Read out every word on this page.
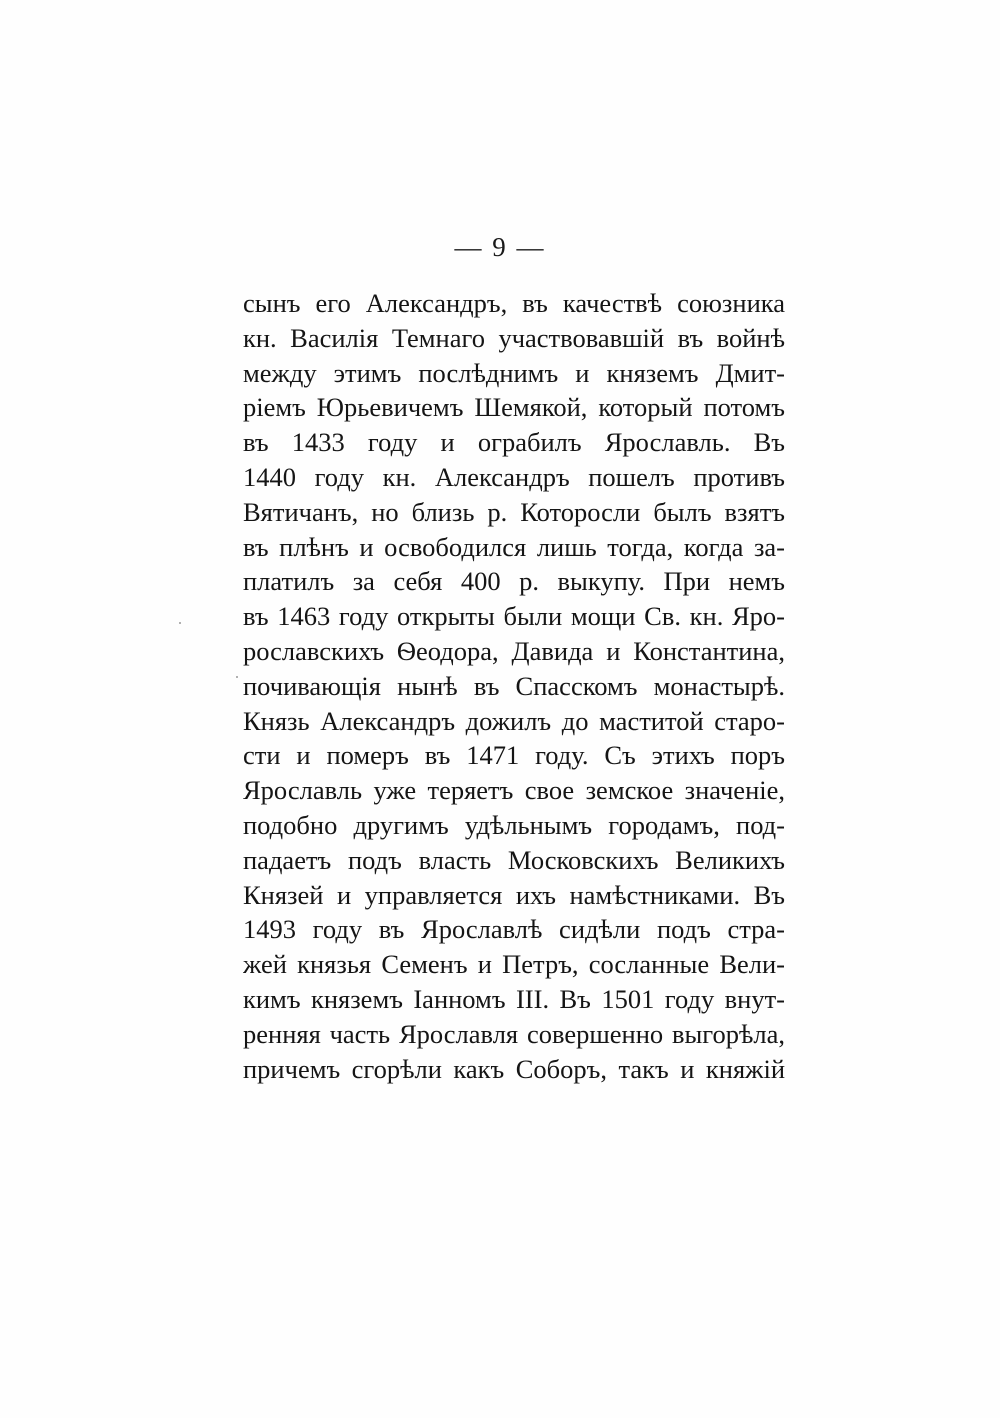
— 9 —
сынъ его Александръ, въ качествѣ союзника
кн. Василія Темнаго участвовавшій въ войнѣ
между этимъ послѣднимъ и княземъ Дмит-
ріемъ Юрьевичемъ Шемякой, который потомъ
въ 1433 году и ограбилъ Ярославль. Въ
1440 году кн. Александръ пошелъ противъ
Вятичанъ, но близь р. Которосли былъ взятъ
въ плѣнъ и освободился лишь тогда, когда за-
платилъ за себя 400 р. выкупу. При немъ
въ 1463 году открыты были мощи Св. кн. Яро-
рославскихъ Ѳеодора, Давида и Константина,
почивающія нынѣ въ Спасскомъ монастырѣ.
Князь Александръ дожилъ до маститой старо-
сти и померъ въ 1471 году. Съ этихъ поръ
Ярославль уже теряетъ свое земское значеніе,
подобно другимъ удѣльнымъ городамъ, под-
падаетъ подъ власть Московскихъ Великихъ
Князей и управляется ихъ намѣстниками. Въ
1493 году въ Ярославлѣ сидѣли подъ стра-
жей князья Семенъ и Петръ, сосланные Вели-
кимъ княземъ Іанномъ III. Въ 1501 году внут-
ренняя часть Ярославля совершенно выгорѣла,
причемъ сгорѣли какъ Соборъ, такъ и княжій
